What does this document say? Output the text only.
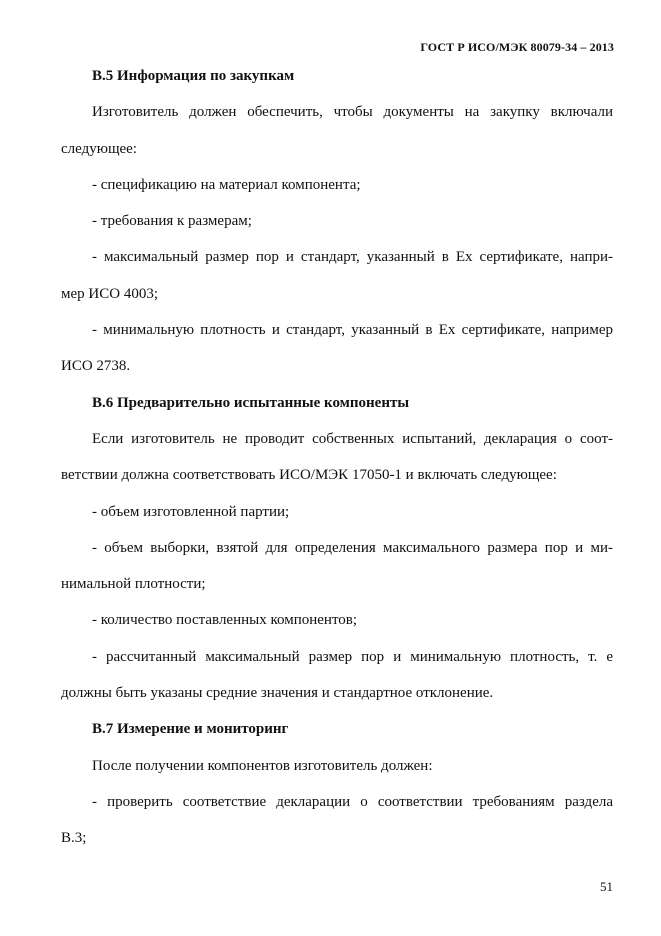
ГОСТ Р ИСО/МЭК 80079-34 – 2013
В.5 Информация по закупкам
Изготовитель должен обеспечить, чтобы документы на закупку включали
следующее:
- спецификацию на материал компонента;
- требования к размерам;
- максимальный размер пор и стандарт, указанный в Ex сертификате, напри-
мер ИСО 4003;
- минимальную плотность и стандарт, указанный в Ex сертификате, например
ИСО 2738.
В.6 Предварительно испытанные компоненты
Если изготовитель не проводит собственных испытаний, декларация о соот-
ветствии должна соответствовать ИСО/МЭК 17050-1 и включать следующее:
- объем изготовленной партии;
- объем выборки, взятой для определения максимального размера пор и ми-
нимальной плотности;
- количество поставленных компонентов;
- рассчитанный максимальный размер пор и минимальную плотность, т. е
должны быть указаны средние значения и стандартное отклонение.
В.7 Измерение и мониторинг
После получении компонентов изготовитель должен:
- проверить соответствие декларации о соответствии требованиям раздела
В.3;
51
